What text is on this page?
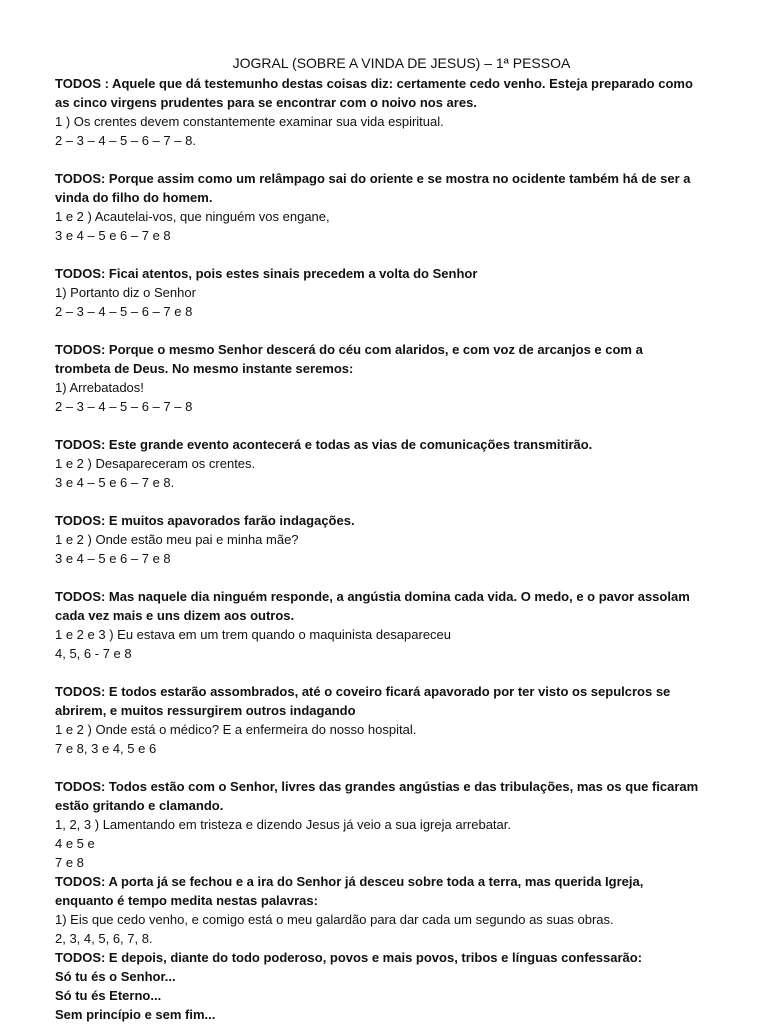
JOGRAL (SOBRE A VINDA DE JESUS) – 1ª PESSOA

TODOS : Aquele que dá testemunho destas coisas diz: certamente cedo venho. Esteja preparado como

as cinco virgens prudentes para se encontrar com o noivo nos ares.

1 ) Os crentes devem constantemente examinar sua vida espiritual.

2 – 3 – 4 – 5 – 6 – 7 – 8.

TODOS: Porque assim como um relâmpago sai do oriente e se mostra no ocidente também há de ser a

vinda do filho do homem.

1 e 2 ) Acautelai-vos, que ninguém vos engane,

3 e 4 – 5 e 6 – 7 e 8

TODOS: Ficai atentos, pois estes sinais precedem a volta do Senhor

1) Portanto diz o Senhor

2 – 3 – 4 – 5 – 6 – 7 e 8

TODOS: Porque o mesmo Senhor descerá do céu com alaridos, e com voz de arcanjos e com a

trombeta de Deus. No mesmo instante seremos:

1) Arrebatados!

2 – 3 – 4 – 5 – 6 – 7 – 8

TODOS: Este grande evento acontecerá e todas as vias de comunicações transmitirão.

1 e 2 ) Desapareceram os crentes.

3 e 4 – 5 e 6 – 7 e 8.

TODOS: E muitos apavorados farão indagações.

1 e 2 ) Onde estão meu pai e minha mãe?

3 e 4 – 5 e 6 – 7 e 8

TODOS: Mas naquele dia ninguém responde, a angústia domina cada vida. O medo, e o pavor assolam

cada vez mais e uns dizem aos outros.

1 e 2 e 3 ) Eu estava em um trem quando o maquinista desapareceu

4, 5, 6 - 7 e 8

TODOS: E todos estarão assombrados, até o coveiro ficará apavorado por ter visto os sepulcros se

abrirem, e muitos ressurgirem outros indagando

1 e 2 ) Onde está o médico? E a enfermeira do nosso hospital.

7 e 8, 3 e 4, 5 e 6

TODOS: Todos estão com o Senhor, livres das grandes angústias e das tribulações, mas os que ficaram

estão gritando e clamando.

1, 2, 3 ) Lamentando em tristeza e dizendo Jesus já veio a sua igreja arrebatar.

4 e 5 e

7 e 8

TODOS: A porta já se fechou e a ira do Senhor já desceu sobre toda a terra, mas querida Igreja,

enquanto é tempo medita nestas palavras:

1) Eis que cedo venho, e comigo está o meu galardão para dar cada um segundo as suas obras.

2, 3, 4, 5, 6, 7, 8.

TODOS: E depois, diante do todo poderoso, povos e mais povos, tribos e línguas confessarão:

Só tu és o Senhor...

Só tu és Eterno...

Sem princípio e sem fim...
